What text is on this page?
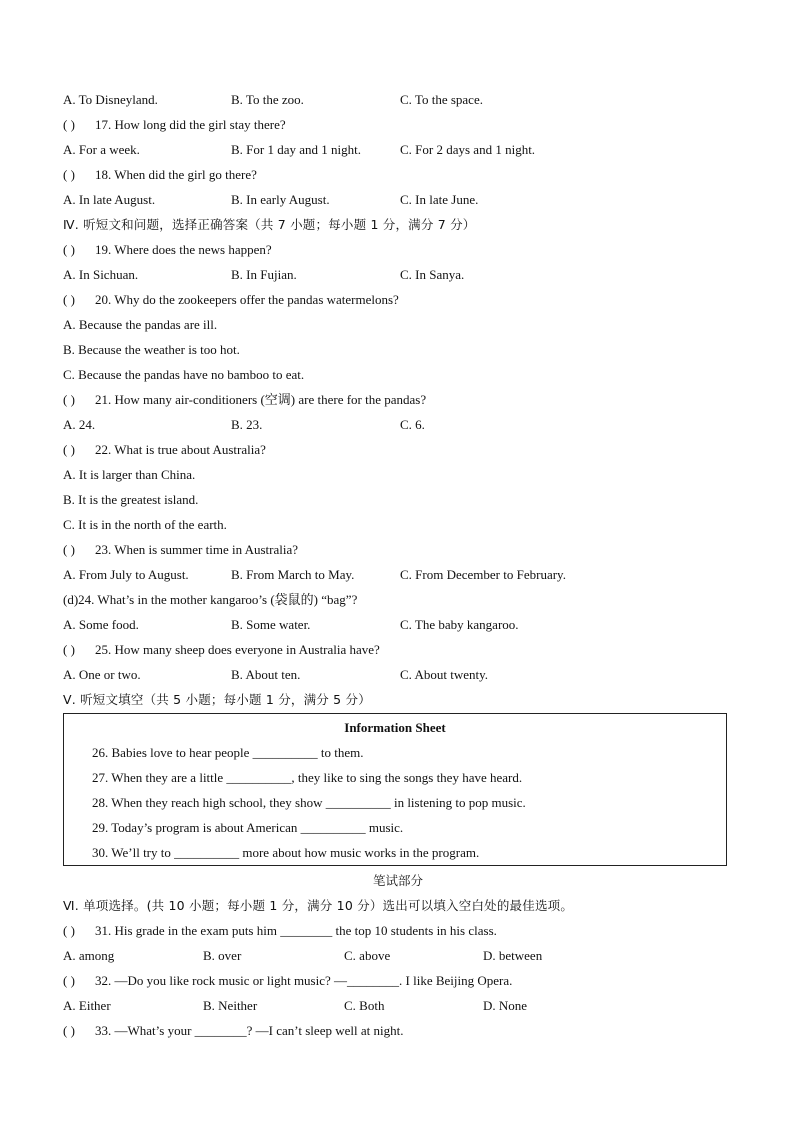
A. To Disneyland.	B. To the zoo.	C. To the space.
( ) 17. How long did the girl stay there?
A. For a week.	B. For 1 day and 1 night.	C. For 2 days and 1 night.
( ) 18. When did the girl go there?
A. In late August.	B. In early August.	C. In late June.
Ⅳ. 听短文和问题，选择正确答案（共 7 小题；每小题 1 分，满分 7 分）
( ) 19. Where does the news happen?
A. In Sichuan.	B. In Fujian.	C. In Sanya.
( ) 20. Why do the zookeepers offer the pandas watermelons?
A. Because the pandas are ill.
B. Because the weather is too hot.
C. Because the pandas have no bamboo to eat.
( ) 21. How many air-conditioners (空调) are there for the pandas?
A. 24.	B. 23.	C. 6.
( ) 22. What is true about Australia?
A. It is larger than China.
B. It is the greatest island.
C. It is in the north of the earth.
( ) 23. When is summer time in Australia?
A. From July to August.	B. From March to May.	C. From December to February.
(d)24. What’s in the mother kangaroo’s (袋鼠的) “bag”?
A. Some food.	B. Some water.	C. The baby kangaroo.
( ) 25. How many sheep does everyone in Australia have?
A. One or two.	B. About ten.	C. About twenty.
Ⅴ. 听短文填空（共 5 小题；每小题 1 分，满分 5 分）
Information Sheet
26. Babies love to hear people __________ to them.
27. When they are a little __________, they like to sing the songs they have heard.
28. When they reach high school, they show __________ in listening to pop music.
29. Today’s program is about American __________ music.
30. We’ll try to __________ more about how music works in the program.
笔试部分
Ⅵ. 单项选择。(共 10 小题；每小题 1 分，满分 10 分）选出可以填入空白处的最佳选项。
( ) 31. His grade in the exam puts him ________ the top 10 students in his class.
A. among	B. over	C. above	D. between
( ) 32. —Do you like rock music or light music? —________. I like Beijing Opera.
A. Either	B. Neither	C. Both	D. None
( ) 33. —What’s your ________? —I can’t sleep well at night.
